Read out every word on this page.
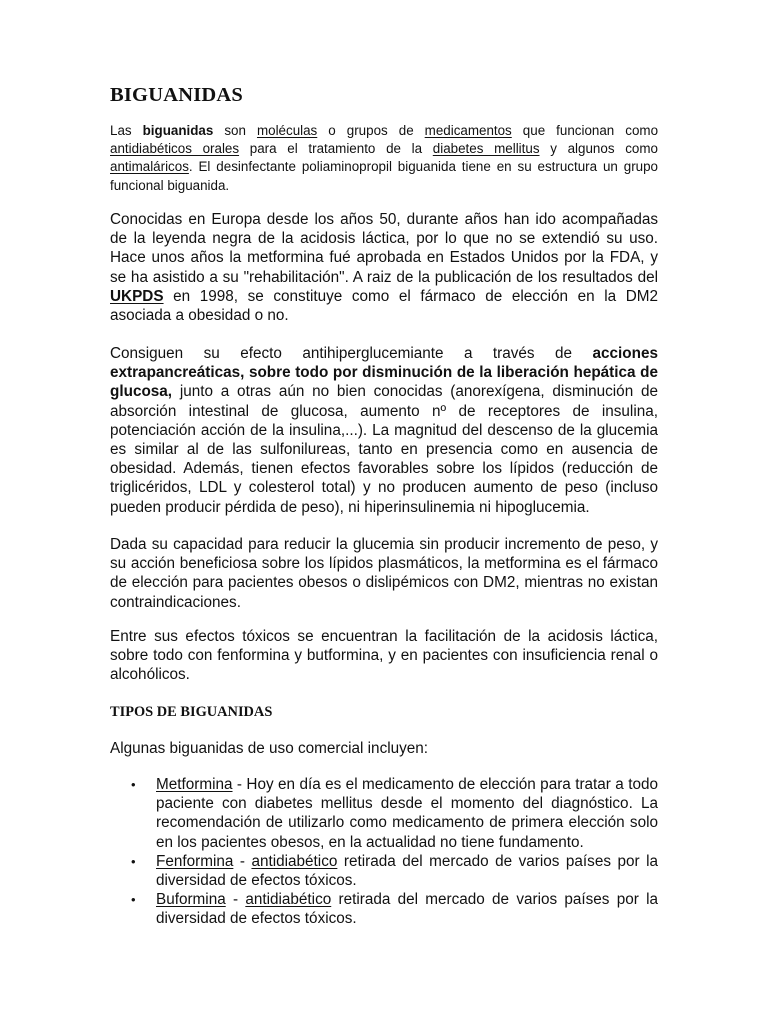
BIGUANIDAS

Las biguanidas son moléculas o grupos de medicamentos que funcionan como antidiabéticos orales para el tratamiento de la diabetes mellitus y algunos como antimaláricos. El desinfectante poliaminopropil biguanida tiene en su estructura un grupo funcional biguanida.

Conocidas en Europa desde los años 50, durante años han ido acompañadas de la leyenda negra de la acidosis láctica, por lo que no se extendió su uso. Hace unos años la metformina fué aprobada en Estados Unidos por la FDA, y se ha asistido a su "rehabilitación". A raiz de la publicación de los resultados del UKPDS en 1998, se constituye como el fármaco de elección en la DM2 asociada a obesidad o no.

Consiguen su efecto antihiperglucemiante a través de acciones extrapancreáticas, sobre todo por disminución de la liberación hepática de glucosa, junto a otras aún no bien conocidas (anorexígena, disminución de absorción intestinal de glucosa, aumento nº de receptores de insulina, potenciación acción de la insulina,...). La magnitud del descenso de la glucemia es similar al de las sulfonilureas, tanto en presencia como en ausencia de obesidad. Además, tienen efectos favorables sobre los lípidos (reducción de triglicéridos, LDL y colesterol total) y no producen aumento de peso (incluso pueden producir pérdida de peso), ni hiperinsulinemia ni hipoglucemia.

Dada su capacidad para reducir la glucemia sin producir incremento de peso, y su acción beneficiosa sobre los lípidos plasmáticos, la metformina es el fármaco de elección para pacientes obesos o dislipémicos con DM2, mientras no existan contraindicaciones.

Entre sus efectos tóxicos se encuentran la facilitación de la acidosis láctica, sobre todo con fenformina y butformina, y en pacientes con insuficiencia renal o alcohólicos.

TIPOS DE BIGUANIDAS

Algunas biguanidas de uso comercial incluyen:

• Metformina - Hoy en día es el medicamento de elección para tratar a todo paciente con diabetes mellitus desde el momento del diagnóstico. La recomendación de utilizarlo como medicamento de primera elección solo en los pacientes obesos, en la actualidad no tiene fundamento.
• Fenformina - antidiabético retirada del mercado de varios países por la diversidad de efectos tóxicos.
• Buformina - antidiabético retirada del mercado de varios países por la diversidad de efectos tóxicos.
